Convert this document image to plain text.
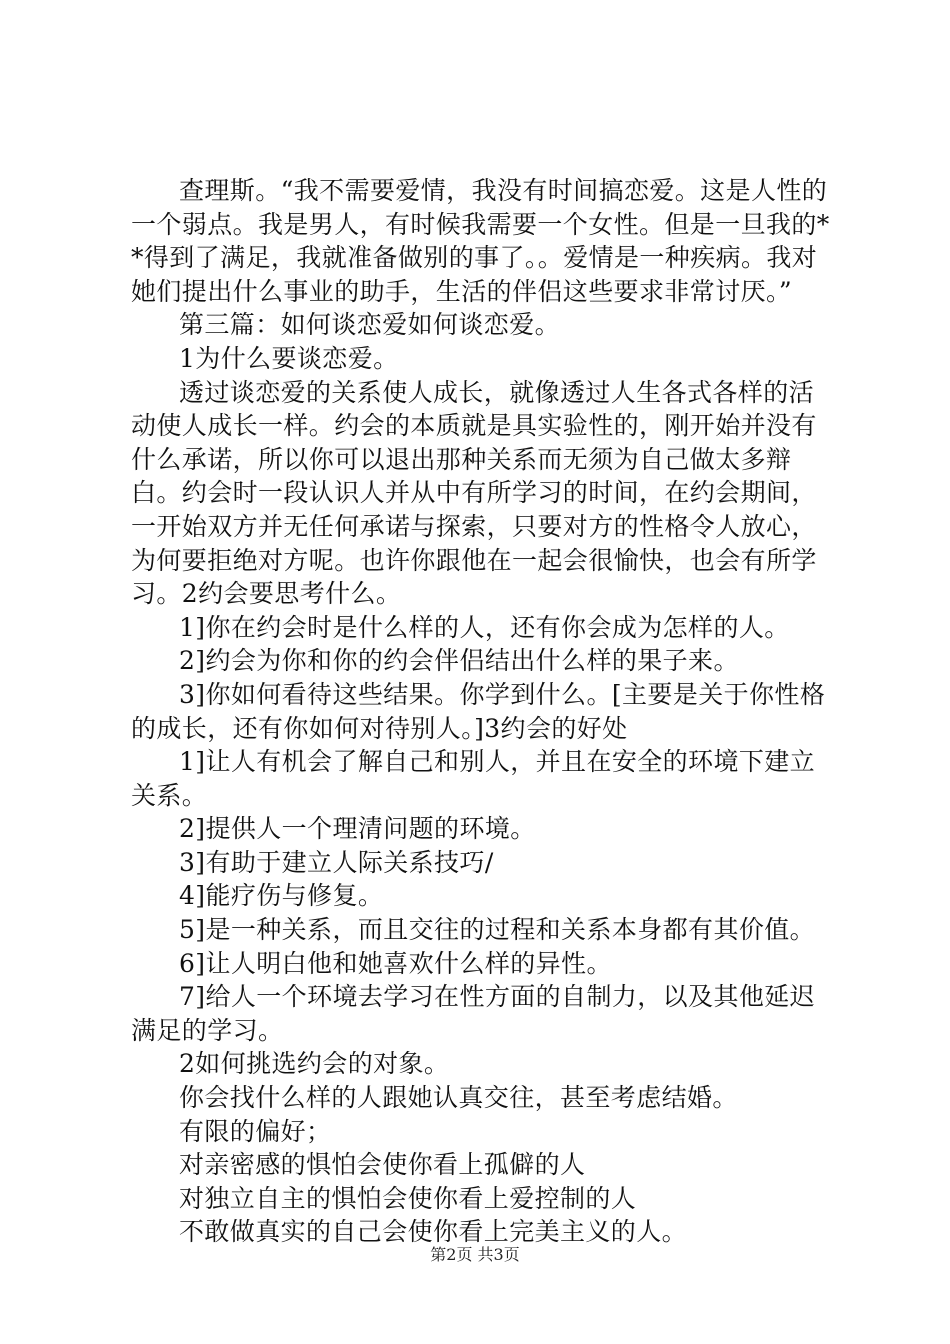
查理斯。“我不需要爱情，我没有时间搞恋爱。这是人性的一个弱点。我是男人，有时候我需要一个女性。但是一旦我的**得到了满足，我就准备做别的事了。。爱情是一种疾病。我对她们提出什么事业的助手，生活的伴侣这些要求非常讨厌。”

第三篇：如何谈恋爱如何谈恋爱。

1为什么要谈恋爱。

透过谈恋爱的关系使人成长，就像透过人生各式各样的活动使人成长一样。约会的本质就是具实验性的，刚开始并没有什么承诺，所以你可以退出那种关系而无须为自己做太多辩白。约会时一段认识人并从中有所学习的时间，在约会期间，一开始双方并无任何承诺与探索，只要对方的性格令人放心，为何要拒绝对方呢。也许你跟他在一起会很愉快，也会有所学习。2约会要思考什么。

1]你在约会时是什么样的人，还有你会成为怎样的人。

2]约会为你和你的约会伴侣结出什么样的果子来。

3]你如何看待这些结果。你学到什么。[主要是关于你性格的成长，还有你如何对待别人。]3约会的好处

1]让人有机会了解自己和别人，并且在安全的环境下建立关系。

2]提供人一个理清问题的环境。

3]有助于建立人际关系技巧/

4]能疗伤与修复。

5]是一种关系，而且交往的过程和关系本身都有其价值。

6]让人明白他和她喜欢什么样的异性。

7]给人一个环境去学习在性方面的自制力，以及其他延迟满足的学习。

2如何挑选约会的对象。

你会找什么样的人跟她认真交往，甚至考虑结婚。

有限的偏好；

对亲密感的惧怕会使你看上孤僻的人

对独立自主的惧怕会使你看上爱控制的人

不敢做真实的自己会使你看上完美主义的人。

第2页 共3页
